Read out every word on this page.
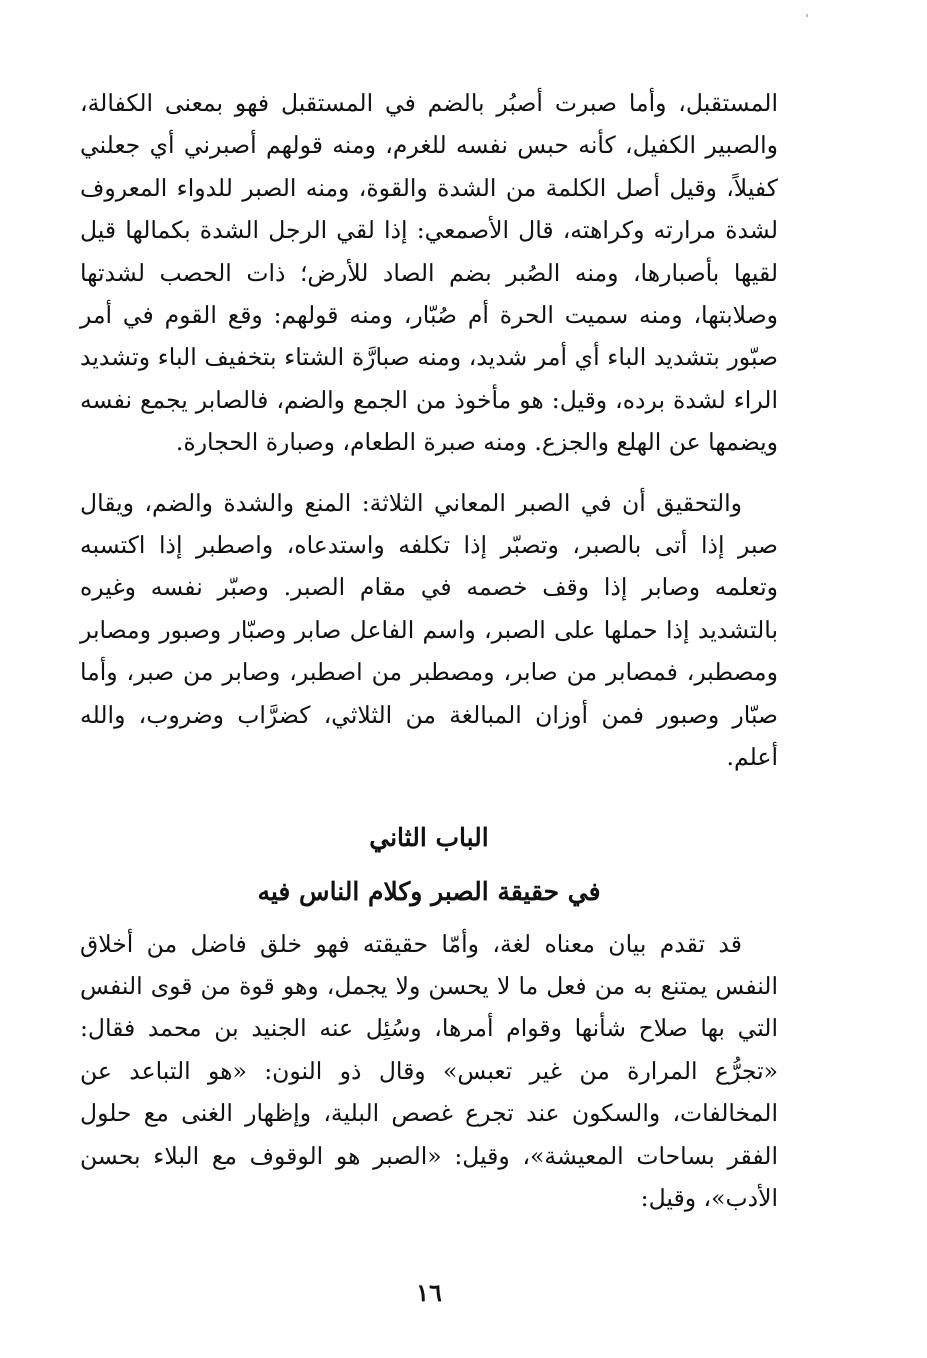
المستقبل، وأما صبرت أصبُر بالضم في المستقبل فهو بمعنى الكفالة، والصبير الكفيل، كأنه حبس نفسه للغرم، ومنه قولهم أصبرني أي جعلني كفيلاً، وقيل أصل الكلمة من الشدة والقوة، ومنه الصبر للدواء المعروف لشدة مرارته وكراهته، قال الأصمعي: إذا لقي الرجل الشدة بكمالها قيل لقيها بأصبارها، ومنه الصُبر بضم الصاد للأرض؛ ذات الحصب لشدتها وصلابتها، ومنه سميت الحرة أم صُبّار، ومنه قولهم: وقع القوم في أمر صبّور بتشديد الباء أي أمر شديد، ومنه صبارَّة الشتاء بتخفيف الباء وتشديد الراء لشدة برده، وقيل: هو مأخوذ من الجمع والضم، فالصابر يجمع نفسه ويضمها عن الهلع والجزع. ومنه صبرة الطعام، وصبارة الحجارة.

والتحقيق أن في الصبر المعاني الثلاثة: المنع والشدة والضم، ويقال صبر إذا أتى بالصبر، وتصبّر إذا تكلفه واستدعاه، واصطبر إذا اكتسبه وتعلمه وصابر إذا وقف خصمه في مقام الصبر. وصبّر نفسه وغيره بالتشديد إذا حملها على الصبر، واسم الفاعل صابر وصبّار وصبور ومصابر ومصطبر، فمصابر من صابر، ومصطبر من اصطبر، وصابر من صبر، وأما صبّار وصبور فمن أوزان المبالغة من الثلاثي، كضرَّاب وضروب، والله أعلم.

الباب الثاني
في حقيقة الصبر وكلام الناس فيه

قد تقدم بيان معناه لغة، وأمّا حقيقته فهو خلق فاضل من أخلاق النفس يمتنع به من فعل ما لا يحسن ولا يجمل، وهو قوة من قوى النفس التي بها صلاح شأنها وقوام أمرها، وسُئِل عنه الجنيد بن محمد فقال: «تجرُّع المرارة من غير تعبس» وقال ذو النون: «هو التباعد عن المخالفات، والسكون عند تجرع غصص البلية، وإظهار الغنى مع حلول الفقر بساحات المعيشة»، وقيل: «الصبر هو الوقوف مع البلاء بحسن الأدب»، وقيل:

١٦
